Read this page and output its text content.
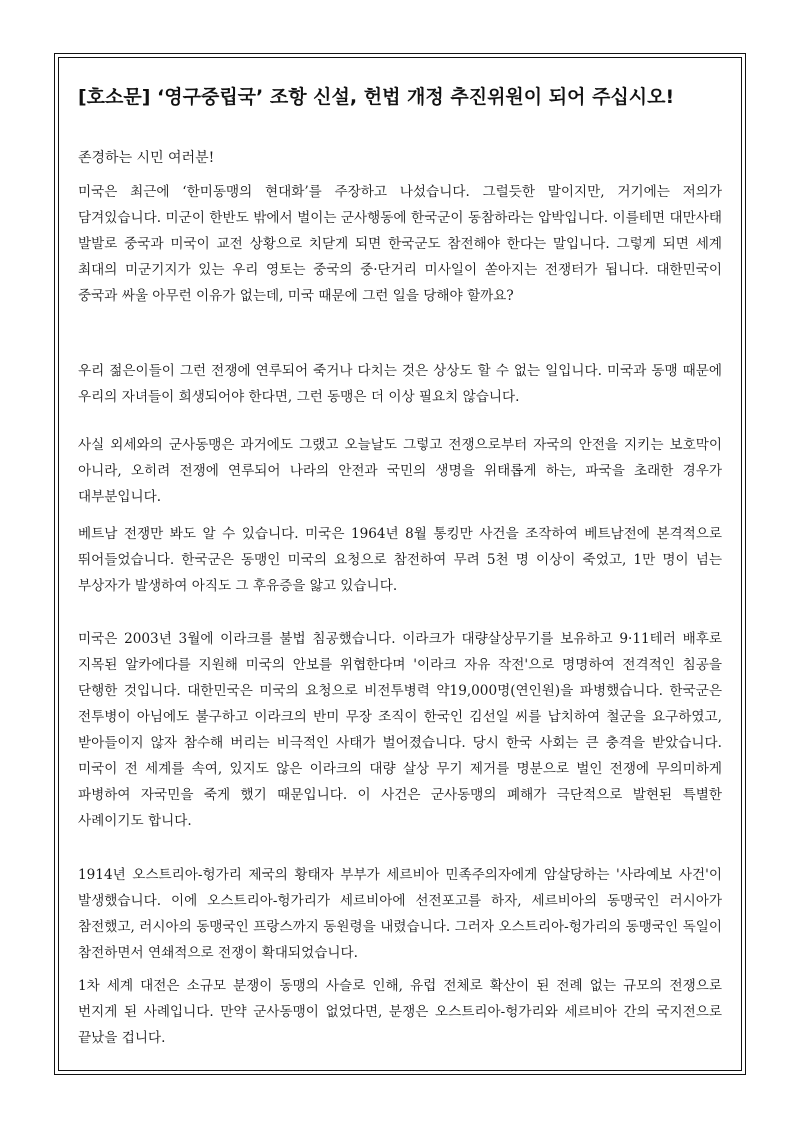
[호소문] ‘영구중립국’ 조항 신설, 헌법 개정 추진위원이 되어 주십시오!

존경하는 시민 여러분!

미국은 최근에 ‘한미동맹의 현대화’를 주장하고 나섰습니다. 그럴듯한 말이지만, 거기에는 저의가 담겨있습니다. 미군이 한반도 밖에서 벌이는 군사행동에 한국군이 동참하라는 압박입니다. 이를테면 대만사태 발발로 중국과 미국이 교전 상황으로 치닫게 되면 한국군도 참전해야 한다는 말입니다. 그렇게 되면 세계 최대의 미군기지가 있는 우리 영토는 중국의 중·단거리 미사일이 쏟아지는 전쟁터가 됩니다. 대한민국이 중국과 싸울 아무런 이유가 없는데, 미국 때문에 그런 일을 당해야 할까요?

우리 젊은이들이 그런 전쟁에 연루되어 죽거나 다치는 것은 상상도 할 수 없는 일입니다. 미국과 동맹 때문에 우리의 자녀들이 희생되어야 한다면, 그런 동맹은 더 이상 필요치 않습니다.

사실 외세와의 군사동맹은 과거에도 그랬고 오늘날도 그렇고 전쟁으로부터 자국의 안전을 지키는 보호막이 아니라, 오히려 전쟁에 연루되어 나라의 안전과 국민의 생명을 위태롭게 하는, 파국을 초래한 경우가 대부분입니다.

베트남 전쟁만 봐도 알 수 있습니다. 미국은 1964년 8월 통킹만 사건을 조작하여 베트남전에 본격적으로 뛰어들었습니다. 한국군은 동맹인 미국의 요청으로 참전하여 무려 5천 명 이상이 죽었고, 1만 명이 넘는 부상자가 발생하여 아직도 그 후유증을 앓고 있습니다.

미국은 2003년 3월에 이라크를 불법 침공했습니다. 이라크가 대량살상무기를 보유하고 9·11테러 배후로 지목된 알카에다를 지원해 미국의 안보를 위협한다며 '이라크 자유 작전'으로 명명하여 전격적인 침공을 단행한 것입니다. 대한민국은 미국의 요청으로 비전투병력 약19,000명(연인원)을 파병했습니다. 한국군은 전투병이 아님에도 불구하고 이라크의 반미 무장 조직이 한국인 김선일 씨를 납치하여 철군을 요구하였고, 받아들이지 않자 참수해 버리는 비극적인 사태가 벌어졌습니다. 당시 한국 사회는 큰 충격을 받았습니다. 미국이 전 세계를 속여, 있지도 않은 이라크의 대량 살상 무기 제거를 명분으로 벌인 전쟁에 무의미하게 파병하여 자국민을 죽게 했기 때문입니다. 이 사건은 군사동맹의 폐해가 극단적으로 발현된 특별한 사례이기도 합니다.

1914년 오스트리아-헝가리 제국의 황태자 부부가 세르비아 민족주의자에게 암살당하는 '사라예보 사건'이 발생했습니다. 이에 오스트리아-헝가리가 세르비아에 선전포고를 하자, 세르비아의 동맹국인 러시아가 참전했고, 러시아의 동맹국인 프랑스까지 동원령을 내렸습니다. 그러자 오스트리아-헝가리의 동맹국인 독일이 참전하면서 연쇄적으로 전쟁이 확대되었습니다.

1차 세계 대전은 소규모 분쟁이 동맹의 사슬로 인해, 유럽 전체로 확산이 된 전례 없는 규모의 전쟁으로 번지게 된 사례입니다. 만약 군사동맹이 없었다면, 분쟁은 오스트리아-헝가리와 세르비아 간의 국지전으로 끝났을 겁니다.
